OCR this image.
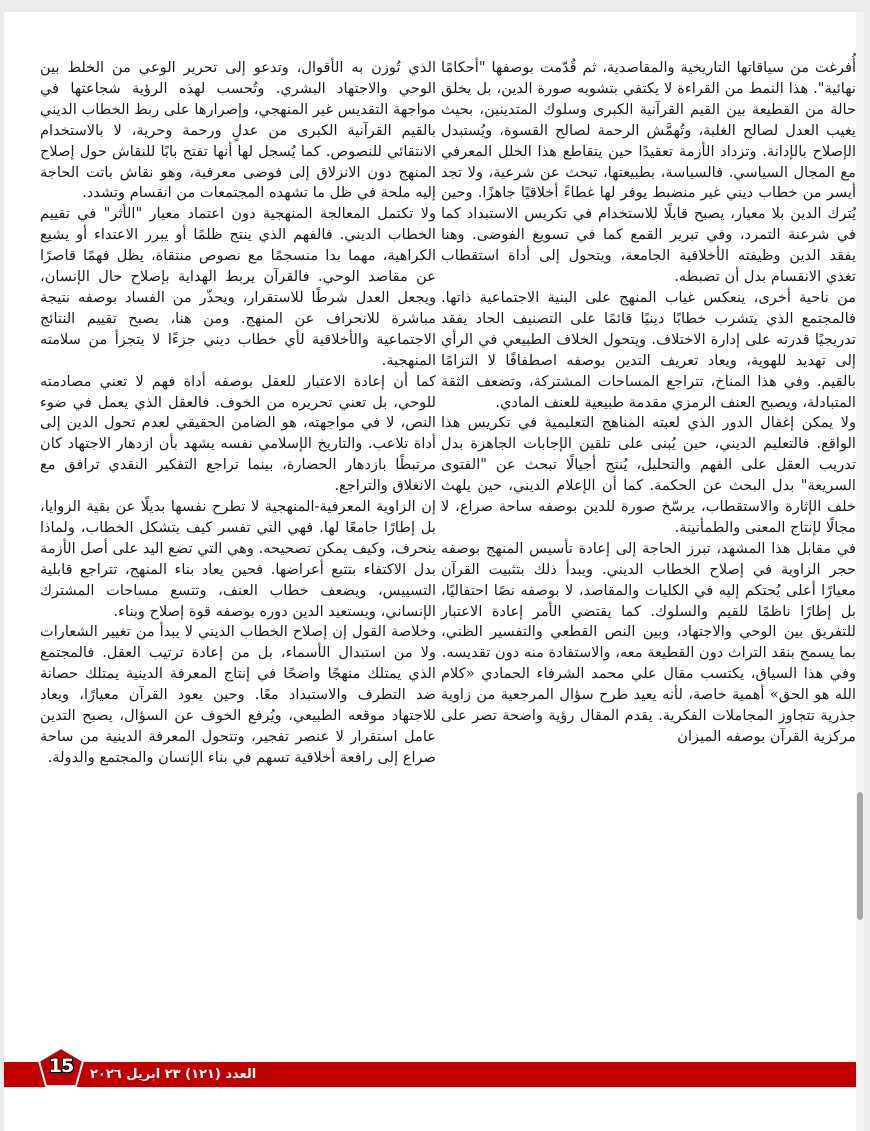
أُفرغت من سياقاتها التاريخية والمقاصدية، ثم قُدّمت بوصفها "أحكامًا نهائية". هذا النمط من القراءة لا يكتفي بتشويه صورة الدين، بل يخلق حالة من القطيعة بين القيم القرآنية الكبرى وسلوك المتدينين، بحيث يغيب العدل لصالح الغلبة، وتُهمَّش الرحمة لصالح القسوة، ويُستبدل الإصلاح بالإدانة. وتزداد الأزمة تعقيدًا حين يتقاطع هذا الخلل المعرفي مع المجال السياسي. فالسياسة، بطبيعتها، تبحث عن شرعية، ولا تجد أيسر من خطاب ديني غير منضبط يوفر لها غطاءً أخلاقيًا جاهزًا. وحين يُترك الدين بلا معيار، يصبح قابلًا للاستخدام في تكريس الاستبداد كما في شرعنة التمرد، وفي تبرير القمع كما في تسويغ الفوضى. وهنا يفقد الدين وظيفته الأخلاقية الجامعة، ويتحول إلى أداة استقطاب تغذي الانقسام بدل أن تضبطه.

من ناحية أخرى، ينعكس غياب المنهج على البنية الاجتماعية ذاتها. فالمجتمع الذي يتشرب خطابًا دينيًا قائمًا على التصنيف الحاد يفقد تدريجيًا قدرته على إدارة الاختلاف. ويتحول الخلاف الطبيعي في الرأي إلى تهديد للهوية، ويعاد تعريف التدين بوصفه اصطفافًا لا التزامًا بالقيم. وفي هذا المناخ، تتراجع المساحات المشتركة، وتضعف الثقة المتبادلة، ويصبح العنف الرمزي مقدمة طبيعية للعنف المادي.

ولا يمكن إغفال الدور الذي لعبته المناهج التعليمية في تكريس هذا الواقع. فالتعليم الديني، حين يُبنى على تلقين الإجابات الجاهزة بدل تدريب العقل على الفهم والتحليل، يُنتج أجيالًا تبحث عن "الفتوى السريعة" بدل البحث عن الحكمة. كما أن الإعلام الديني، حين يلهث خلف الإثارة والاستقطاب، يرسّخ صورة للدين بوصفه ساحة صراع، لا مجالًا لإنتاج المعنى والطمأنينة.

في مقابل هذا المشهد، تبرز الحاجة إلى إعادة تأسيس المنهج بوصفه حجر الزاوية في إصلاح الخطاب الديني. ويبدأ ذلك بتثبيت القرآن معيارًا أعلى يُحتكم إليه في الكليات والمقاصد، لا بوصفه نصًا احتفاليًا، بل إطارًا ناظمًا للقيم والسلوك. كما يقتضي الأمر إعادة الاعتبار للتفريق بين الوحي والاجتهاد، وبين النص القطعي والتفسير الظني، بما يسمح بنقد التراث دون القطيعة معه، والاستفادة منه دون تقديسه.

وفي هذا السياق، يكتسب مقال علي محمد الشرفاء الحمادي «كلام الله هو الحق» أهمية خاصة، لأنه يعيد طرح سؤال المرجعية من زاوية جذرية تتجاوز المجاملات الفكرية. يقدم المقال رؤية واضحة تصر على مركزية القرآن بوصفه الميزان

الذي تُوزن به الأقوال، وتدعو إلى تحرير الوعي من الخلط بين الوحي والاجتهاد البشري. وتُحسب لهذه الرؤية شجاعتها في مواجهة التقديس غير المنهجي، وإصرارها على ربط الخطاب الديني بالقيم القرآنية الكبرى من عدلٍ ورحمة وحرية، لا بالاستخدام الانتقائي للنصوص. كما يُسجل لها أنها تفتح بابًا للنقاش حول إصلاح المنهج دون الانزلاق إلى فوضى معرفية، وهو نقاش باتت الحاجة إليه ملحة في ظل ما تشهده المجتمعات من انقسام وتشدد.

ولا تكتمل المعالجة المنهجية دون اعتماد معيار "الأثر" في تقييم الخطاب الديني. فالفهم الذي ينتج ظلمًا أو يبرر الاعتداء أو يشيع الكراهية، مهما بدا منسجمًا مع نصوص منتقاة، يظل فهمًا قاصرًا عن مقاصد الوحي. فالقرآن يربط الهداية بإصلاح حال الإنسان، ويجعل العدل شرطًا للاستقرار، ويحذّر من الفساد بوصفه نتيجة مباشرة للانحراف عن المنهج. ومن هنا، يصبح تقييم النتائج الاجتماعية والأخلاقية لأي خطاب ديني جزءًا لا يتجزأ من سلامته المنهجية.

كما أن إعادة الاعتبار للعقل بوصفه أداة فهم لا تعني مصادمته للوحي، بل تعني تحريره من الخوف. فالعقل الذي يعمل في ضوء النص، لا في مواجهته، هو الضامن الحقيقي لعدم تحول الدين إلى أداة تلاعب. والتاريخ الإسلامي نفسه يشهد بأن ازدهار الاجتهاد كان مرتبطًا بازدهار الحضارة، بينما تراجع التفكير النقدي ترافق مع الانغلاق والتراجع.

إن الزاوية المعرفية-المنهجية لا تطرح نفسها بديلًا عن بقية الزوايا، بل إطارًا جامعًا لها. فهي التي تفسر كيف يتشكل الخطاب، ولماذا ينحرف، وكيف يمكن تصحيحه. وهي التي تضع اليد على أصل الأزمة بدل الاكتفاء بتتبع أعراضها. فحين يعاد بناء المنهج، تتراجع قابلية التسييس، ويضعف خطاب العنف، وتتسع مساحات المشترك الإنساني، ويستعيد الدين دوره بوصفه قوة إصلاح وبناء.

وخلاصة القول إن إصلاح الخطاب الديني لا يبدأ من تغيير الشعارات ولا من استبدال الأسماء، بل من إعادة ترتيب العقل. فالمجتمع الذي يمتلك منهجًا واضحًا في إنتاج المعرفة الدينية يمتلك حصانة ضد التطرف والاستبداد معًا. وحين يعود القرآن معيارًا، ويعاد للاجتهاد موقعه الطبيعي، ويُرفع الخوف عن السؤال، يصبح التدين عامل استقرار لا عنصر تفجير، وتتحول المعرفة الدينية من ساحة صراع إلى رافعة أخلاقية تسهم في بناء الإنسان والمجتمع والدولة.

العدد (١٢١) ٢٣ ابريل ٢٠٢٦
15
